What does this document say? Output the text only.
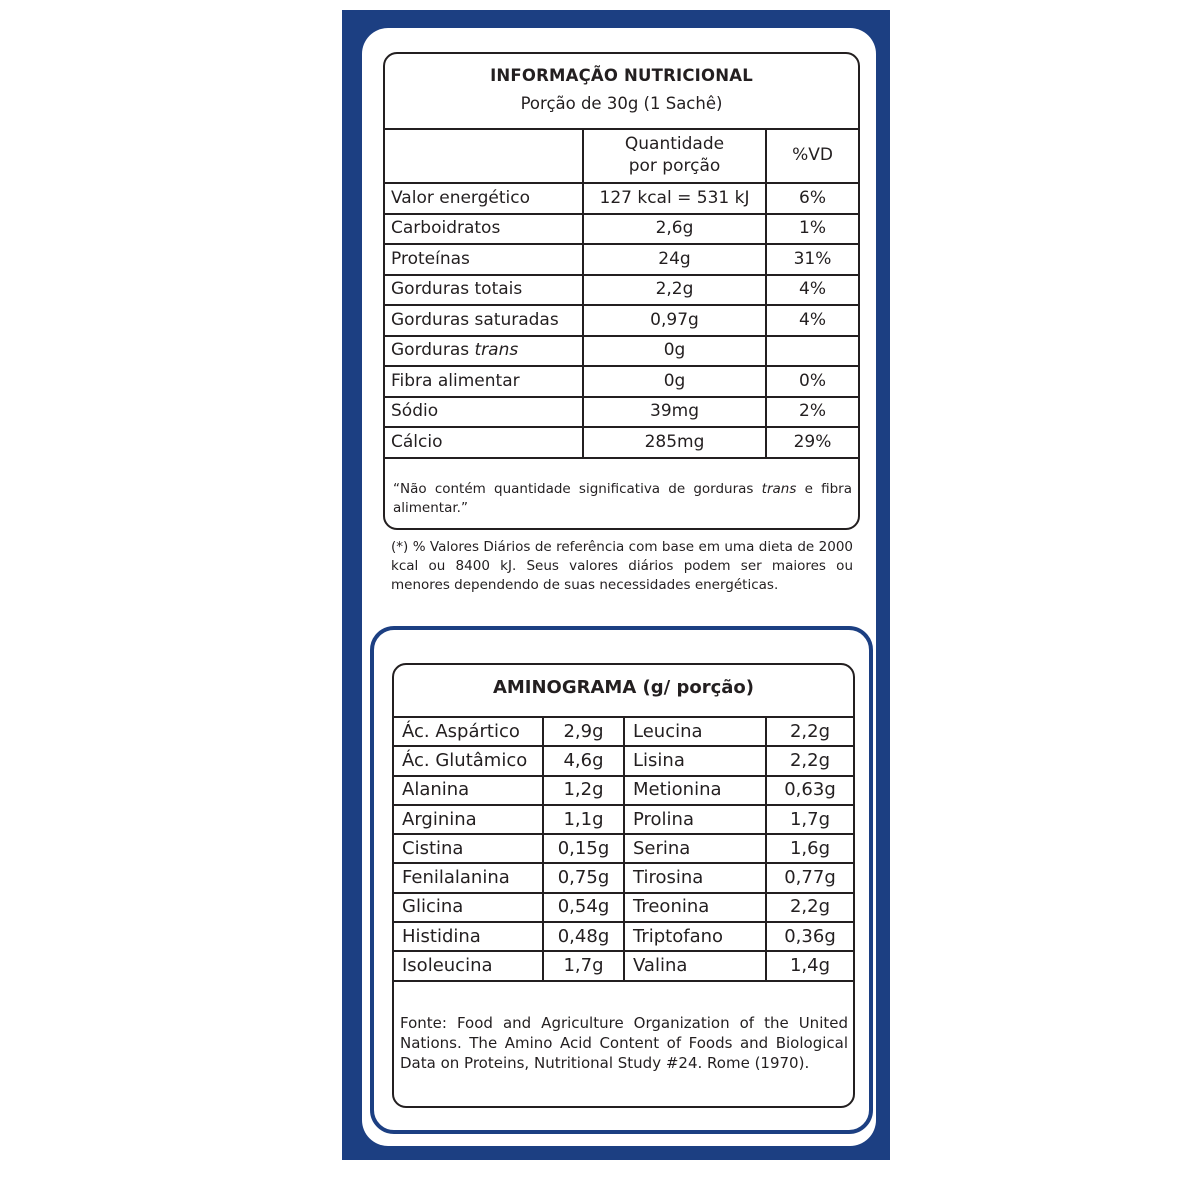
INFORMAÇÃO NUTRICIONAL
Porção de 30g (1 Sachê)
	Quantidade
por porção	%VD
Valor energético	127 kcal = 531 kJ	6%
Carboidratos	2,6g	1%
Proteínas	24g	31%
Gorduras totais	2,2g	4%
Gorduras saturadas	0,97g	4%
Gorduras trans	0g	
Fibra alimentar	0g	0%
Sódio	39mg	2%
Cálcio	285mg	29%
“Não contém quantidade significativa de gorduras trans e fibra alimentar.”
(*) % Valores Diários de referência com base em uma dieta de 2000 kcal ou 8400 kJ. Seus valores diários podem ser maiores ou menores dependendo de suas necessidades energéticas.
AMINOGRAMA (g/ porção)
Ác. Aspártico	2,9g	Leucina	2,2g
Ác. Glutâmico	4,6g	Lisina	2,2g
Alanina	1,2g	Metionina	0,63g
Arginina	1,1g	Prolina	1,7g
Cistina	0,15g	Serina	1,6g
Fenilalanina	0,75g	Tirosina	0,77g
Glicina	0,54g	Treonina	2,2g
Histidina	0,48g	Triptofano	0,36g
Isoleucina	1,7g	Valina	1,4g
Fonte: Food and Agriculture Organization of the United Nations. The Amino Acid Content of Foods and Biological Data on Proteins, Nutritional Study #24. Rome (1970).
